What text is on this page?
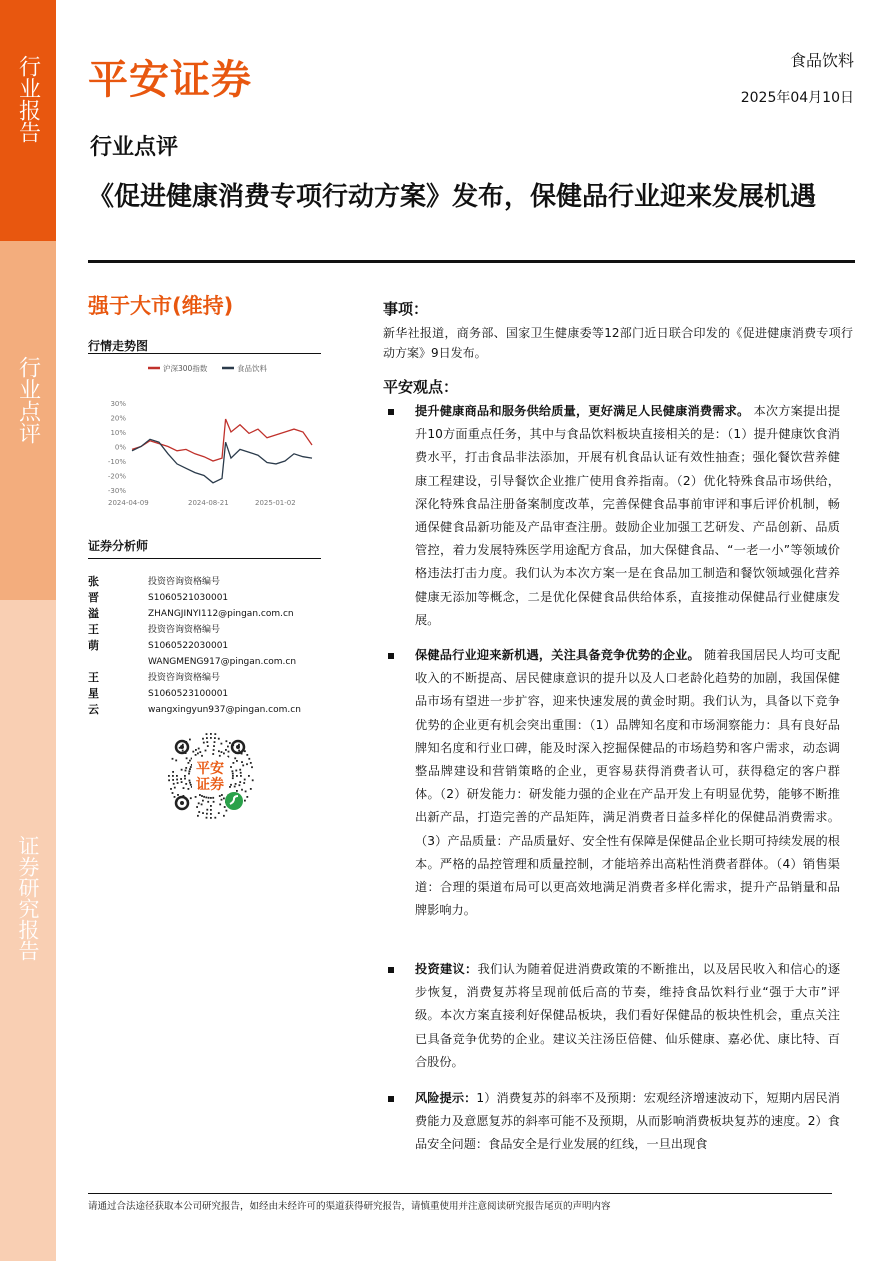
行业报告
行业点评
证券研究报告
平安证券	食品饮料
2025年04月10日
行业点评
《促进健康消费专项行动方案》发布，保健品行业迎来发展机遇
强于大市(维持)
行情走势图
沪深300指数	食品饮料
30%
20%
10%
0%
-10%
-20%
-30%
2024-04-09	2024-08-21	2025-01-02
证券分析师
张晋溢
投资咨询资格编号
S1060521030001
ZHANGJINYI112@pingan.com.cn
王萌
投资咨询资格编号
S1060522030001
WANGMENG917@pingan.com.cn
王星云
投资咨询资格编号
S1060523100001
wangxingyun937@pingan.com.cn
平安
证券
事项：
新华社报道，商务部、国家卫生健康委等12部门近日联合印发的《促进健康消费专项行动方案》9日发布。
平安观点：
提升健康商品和服务供给质量，更好满足人民健康消费需求。 本次方案提出提升10方面重点任务，其中与食品饮料板块直接相关的是：（1）提升健康饮食消费水平，打击食品非法添加，开展有机食品认证有效性抽查；强化餐饮营养健康工程建设，引导餐饮企业推广使用食养指南。（2）优化特殊食品市场供给，深化特殊食品注册备案制度改革，完善保健食品事前审评和事后评价机制，畅通保健食品新功能及产品审查注册。鼓励企业加强工艺研发、产品创新、品质管控，着力发展特殊医学用途配方食品，加大保健食品、“一老一小”等领域价格违法打击力度。我们认为本次方案一是在食品加工制造和餐饮领域强化营养健康无添加等概念，二是优化保健食品供给体系，直接推动保健品行业健康发展。
保健品行业迎来新机遇，关注具备竞争优势的企业。 随着我国居民人均可支配收入的不断提高、居民健康意识的提升以及人口老龄化趋势的加剧，我国保健品市场有望进一步扩容，迎来快速发展的黄金时期。我们认为，具备以下竞争优势的企业更有机会突出重围：（1）品牌知名度和市场洞察能力：具有良好品牌知名度和行业口碑，能及时深入挖掘保健品的市场趋势和客户需求，动态调整品牌建设和营销策略的企业，更容易获得消费者认可，获得稳定的客户群体。（2）研发能力：研发能力强的企业在产品开发上有明显优势，能够不断推出新产品，打造完善的产品矩阵，满足消费者日益多样化的保健品消费需求。（3）产品质量：产品质量好、安全性有保障是保健品企业长期可持续发展的根本。严格的品控管理和质量控制，才能培养出高粘性消费者群体。（4）销售渠道：合理的渠道布局可以更高效地满足消费者多样化需求，提升产品销量和品牌影响力。
投资建议：我们认为随着促进消费政策的不断推出，以及居民收入和信心的逐步恢复，消费复苏将呈现前低后高的节奏，维持食品饮料行业“强于大市”评级。本次方案直接利好保健品板块，我们看好保健品的板块性机会，重点关注已具备竞争优势的企业。建议关注汤臣倍健、仙乐健康、嘉必优、康比特、百合股份。
风险提示：1）消费复苏的斜率不及预期：宏观经济增速波动下，短期内居民消费能力及意愿复苏的斜率可能不及预期，从而影响消费板块复苏的速度。2）食品安全问题：食品安全是行业发展的红线，一旦出现食
请通过合法途径获取本公司研究报告，如经由未经许可的渠道获得研究报告，请慎重使用并注意阅读研究报告尾页的声明内容
